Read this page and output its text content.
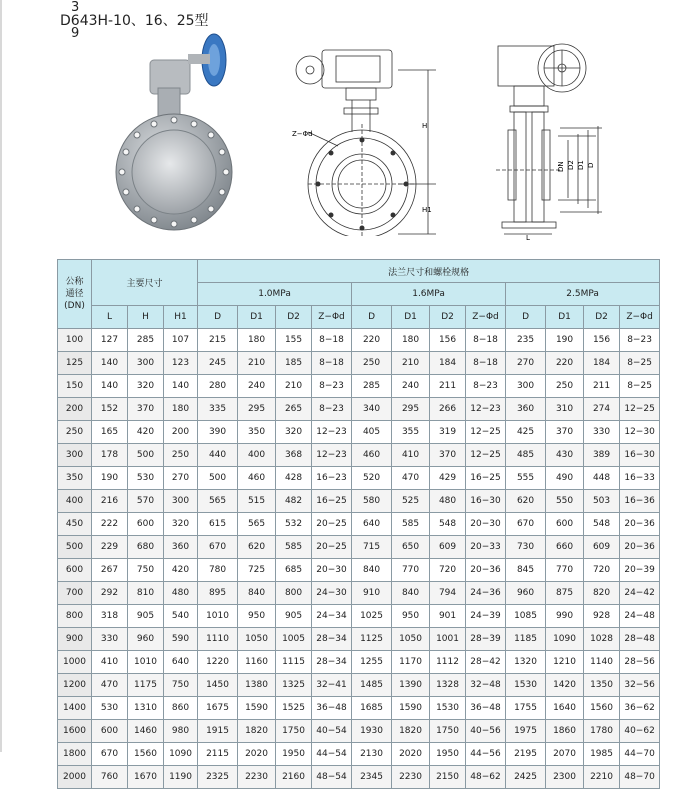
3
D643H-10、16、25型
9
Z−Φd
H
H1
DN D2 D1 D
L
公称
通径
(DN)	主要尺寸			法兰尺寸和螺栓规格											
				1.0MPa				1.6MPa				2.5MPa			
	L	H	H1	D	D1	D2	Z−Φd	D	D1	D2	Z−Φd	D	D1	D2	Z−Φd
100	127	285	107	215	180	155	8−18	220	180	156	8−18	235	190	156	8−23
125	140	300	123	245	210	185	8−18	250	210	184	8−18	270	220	184	8−25
150	140	320	140	280	240	210	8−23	285	240	211	8−23	300	250	211	8−25
200	152	370	180	335	295	265	8−23	340	295	266	12−23	360	310	274	12−25
250	165	420	200	390	350	320	12−23	405	355	319	12−25	425	370	330	12−30
300	178	500	250	440	400	368	12−23	460	410	370	12−25	485	430	389	16−30
350	190	530	270	500	460	428	16−23	520	470	429	16−25	555	490	448	16−33
400	216	570	300	565	515	482	16−25	580	525	480	16−30	620	550	503	16−36
450	222	600	320	615	565	532	20−25	640	585	548	20−30	670	600	548	20−36
500	229	680	360	670	620	585	20−25	715	650	609	20−33	730	660	609	20−36
600	267	750	420	780	725	685	20−30	840	770	720	20−36	845	770	720	20−39
700	292	810	480	895	840	800	24−30	910	840	794	24−36	960	875	820	24−42
800	318	905	540	1010	950	905	24−34	1025	950	901	24−39	1085	990	928	24−48
900	330	960	590	1110	1050	1005	28−34	1125	1050	1001	28−39	1185	1090	1028	28−48
1000	410	1010	640	1220	1160	1115	28−34	1255	1170	1112	28−42	1320	1210	1140	28−56
1200	470	1175	750	1450	1380	1325	32−41	1485	1390	1328	32−48	1530	1420	1350	32−56
1400	530	1310	860	1675	1590	1525	36−48	1685	1590	1530	36−48	1755	1640	1560	36−62
1600	600	1460	980	1915	1820	1750	40−54	1930	1820	1750	40−56	1975	1860	1780	40−62
1800	670	1560	1090	2115	2020	1950	44−54	2130	2020	1950	44−56	2195	2070	1985	44−70
2000	760	1670	1190	2325	2230	2160	48−54	2345	2230	2150	48−62	2425	2300	2210	48−70
